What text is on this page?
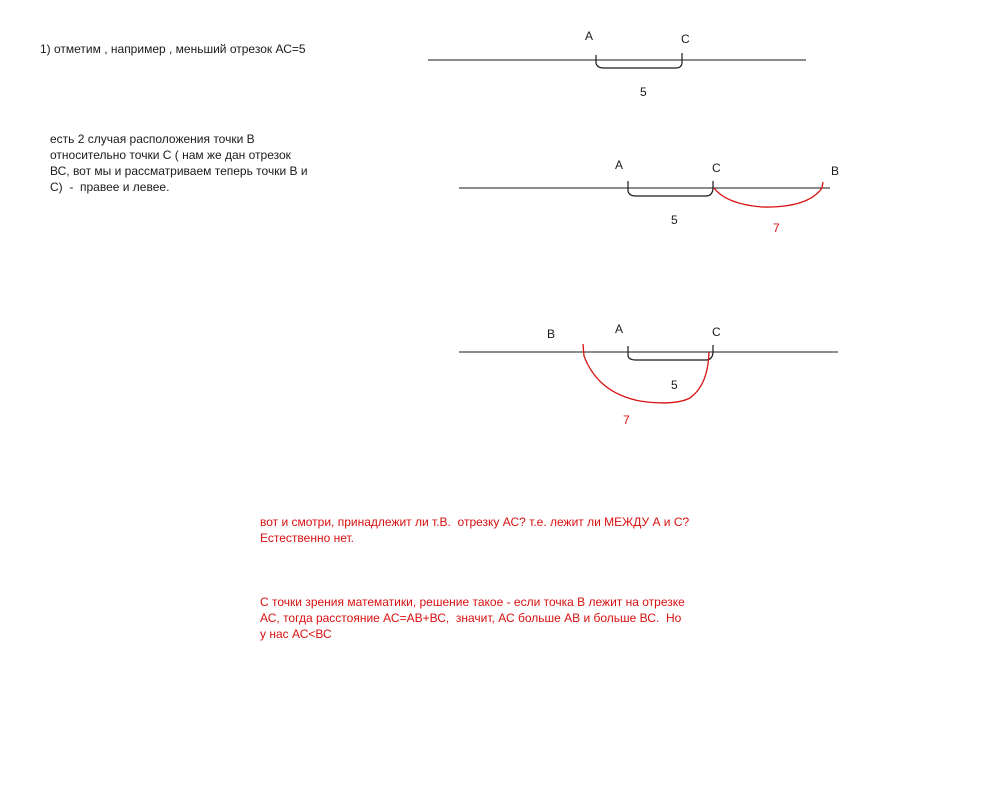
1) отметим , например , меньший отрезок АС=5
есть 2 случая расположения точки В
относительно точки С ( нам же дан отрезок
ВС, вот мы и рассматриваем теперь точки В и
С)  -  правее и левее.

вот и смотри, принадлежит ли т.В.  отрезку АС? т.е. лежит ли МЕЖДУ А и С?
Естественно нет.

С точки зрения математики, решение такое - если точка В лежит на отрезке
АС, тогда расстояние АС=АВ+ВС,  значит, АС больше АВ и больше ВС.  Но
у нас АС<ВС

А	С
5
А	С	В
5
7
В	А	С
5
7
